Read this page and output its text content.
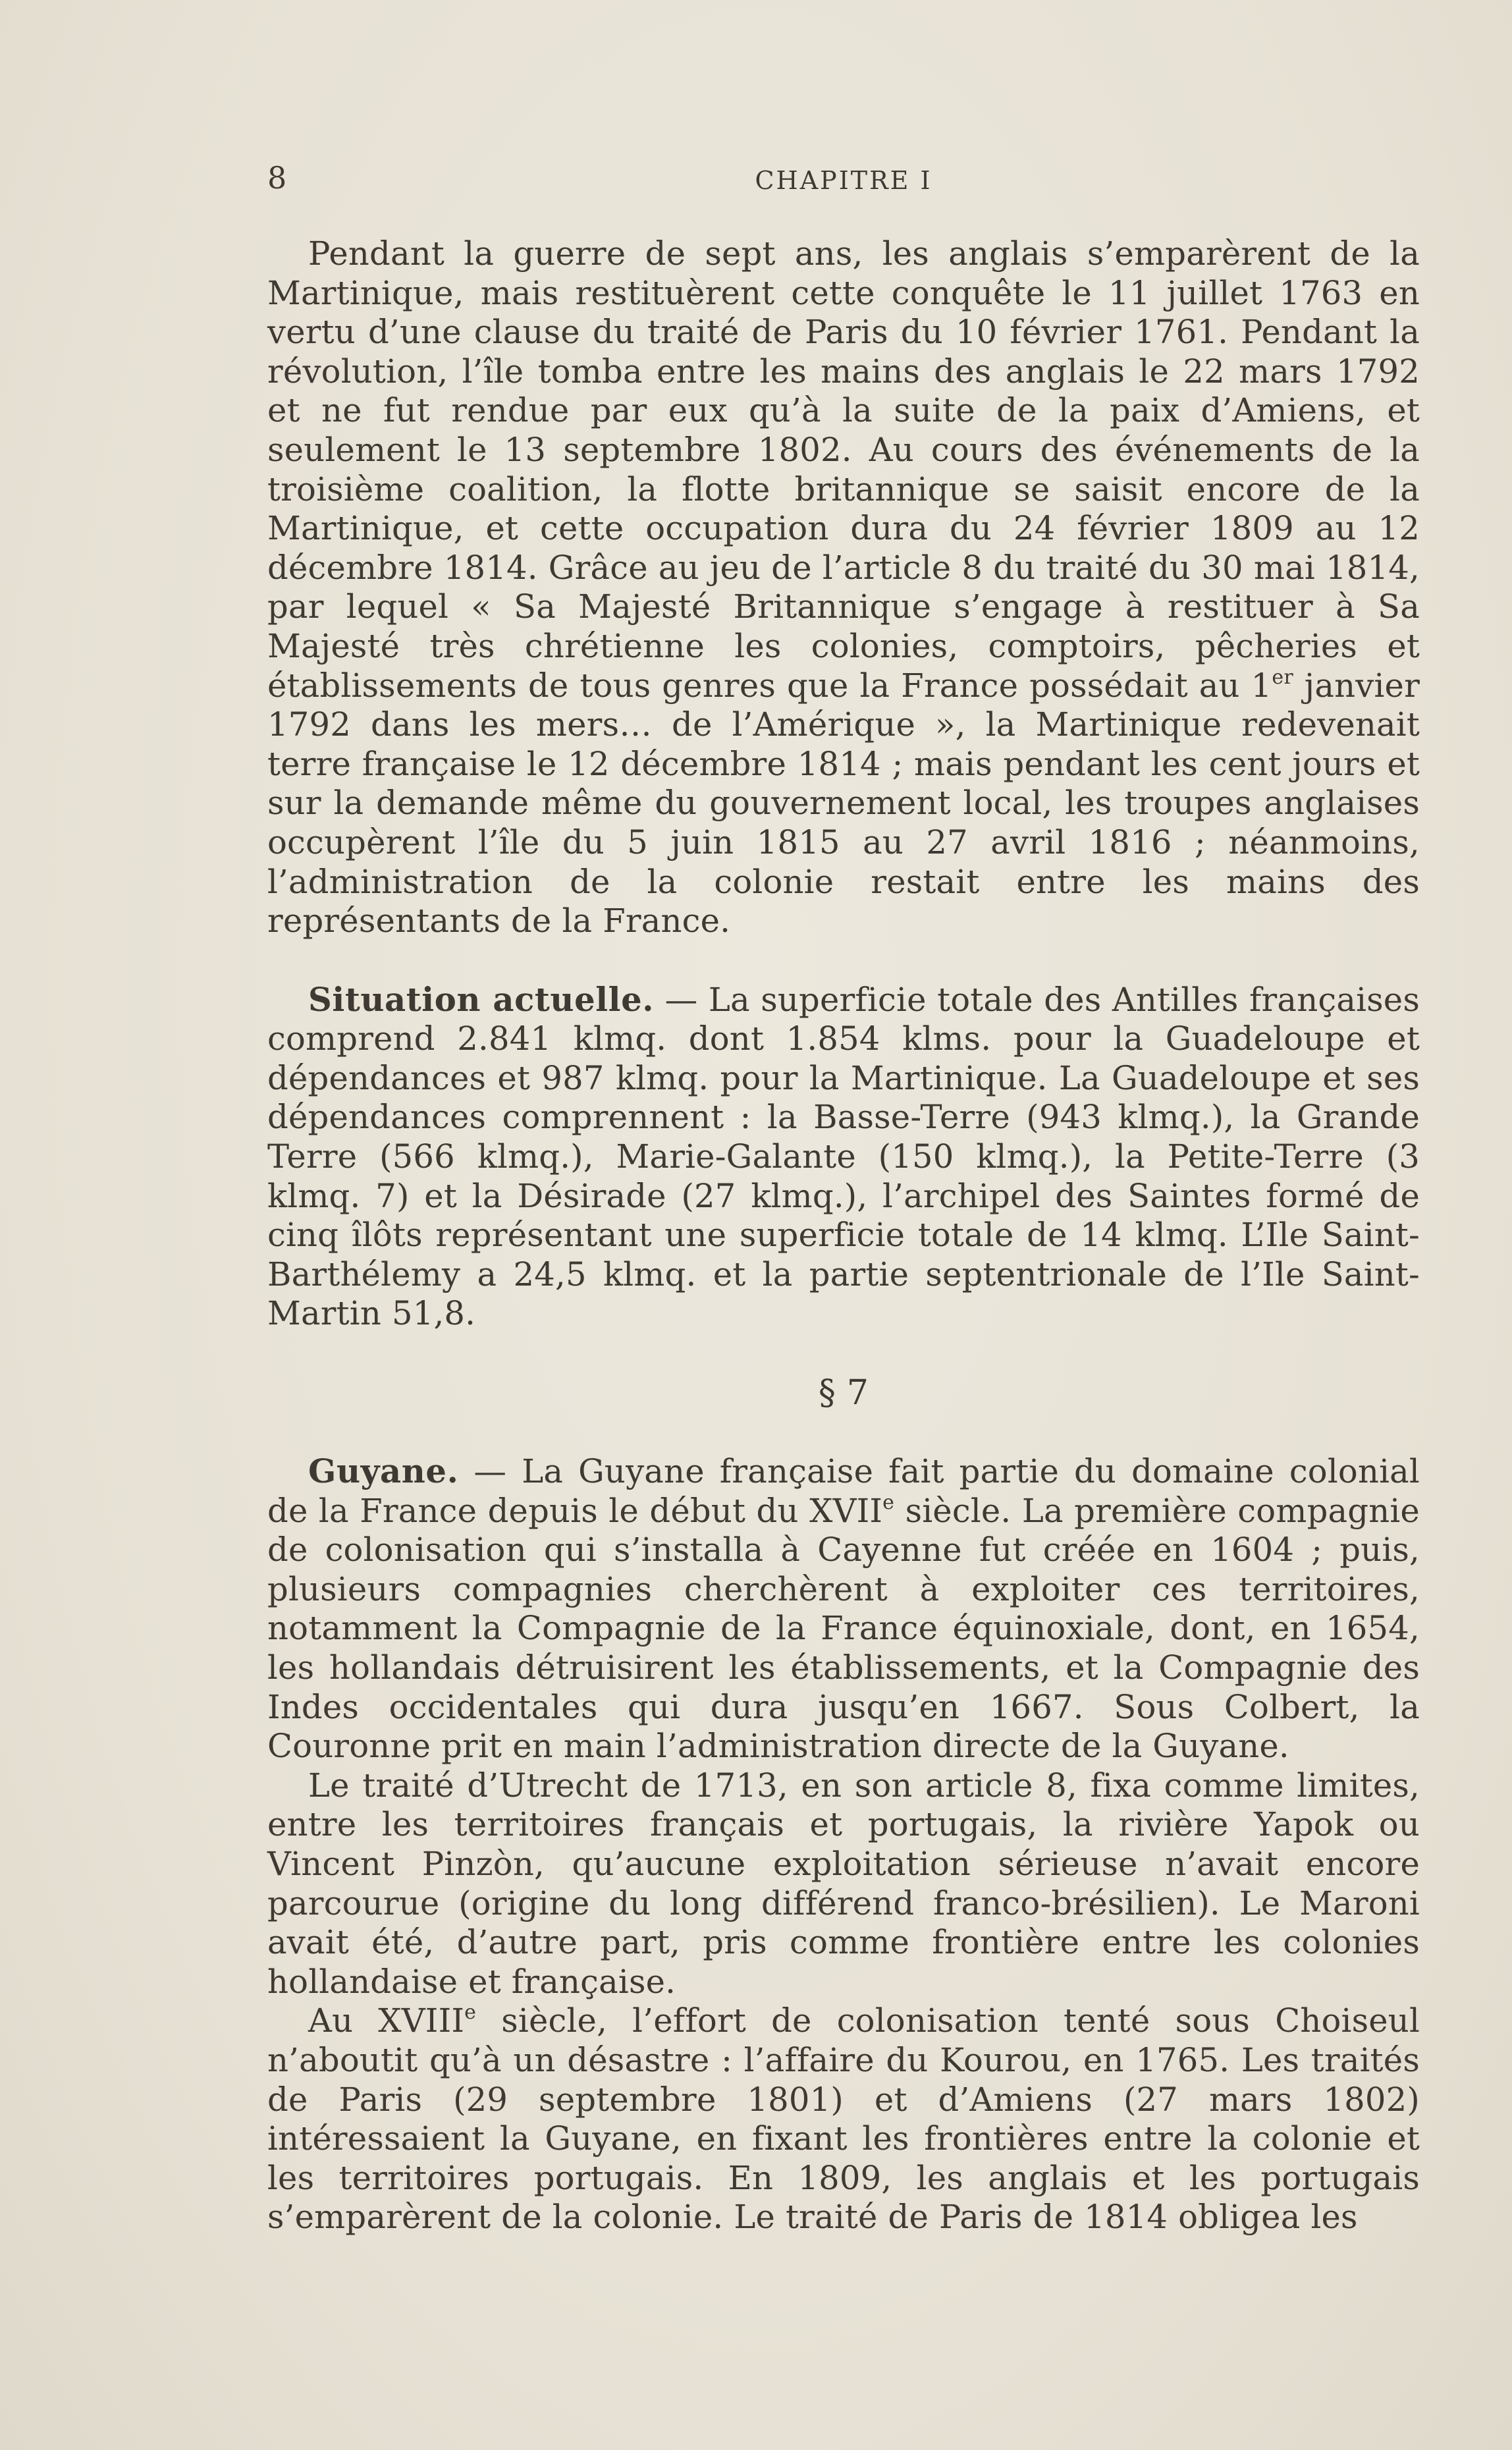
8	CHAPITRE I

Pendant la guerre de sept ans, les anglais s’emparèrent de la Martinique, mais restituèrent cette conquête le 11 juillet 1763 en vertu d’une clause du traité de Paris du 10 février 1761. Pendant la révolution, l’île tomba entre les mains des anglais le 22 mars 1792 et ne fut rendue par eux qu’à la suite de la paix d’Amiens, et seulement le 13 septembre 1802. Au cours des événements de la troisième coalition, la flotte britannique se saisit encore de la Martinique, et cette occupation dura du 24 février 1809 au 12 décembre 1814. Grâce au jeu de l’article 8 du traité du 30 mai 1814, par lequel « Sa Majesté Britannique s’engage à restituer à Sa Majesté très chrétienne les colonies, comptoirs, pêcheries et établissements de tous genres que la France possédait au 1er janvier 1792 dans les mers… de l’Amérique », la Martinique redevenait terre française le 12 décembre 1814 ; mais pendant les cent jours et sur la demande même du gouvernement local, les troupes anglaises occupèrent l’île du 5 juin 1815 au 27 avril 1816 ; néanmoins, l’administration de la colonie restait entre les mains des représentants de la France.

Situation actuelle. — La superficie totale des Antilles françaises comprend 2.841 klmq. dont 1.854 klms. pour la Guadeloupe et dépendances et 987 klmq. pour la Martinique. La Guadeloupe et ses dépendances comprennent : la Basse-Terre (943 klmq.), la Grande Terre (566 klmq.), Marie-Galante (150 klmq.), la Petite-Terre (3 klmq. 7) et la Désirade (27 klmq.), l’archipel des Saintes formé de cinq îlôts représentant une superficie totale de 14 klmq. L’Ile Saint-Barthélemy a 24,5 klmq. et la partie septentrionale de l’Ile Saint-Martin 51,8.

§ 7

Guyane. — La Guyane française fait partie du domaine colonial de la France depuis le début du XVIIe siècle. La première compagnie de colonisation qui s’installa à Cayenne fut créée en 1604 ; puis, plusieurs compagnies cherchèrent à exploiter ces territoires, notamment la Compagnie de la France équinoxiale, dont, en 1654, les hollandais détruisirent les établissements, et la Compagnie des Indes occidentales qui dura jusqu’en 1667. Sous Colbert, la Couronne prit en main l’administration directe de la Guyane.

Le traité d’Utrecht de 1713, en son article 8, fixa comme limites, entre les territoires français et portugais, la rivière Yapok ou Vincent Pinzòn, qu’aucune exploitation sérieuse n’avait encore parcourue (origine du long différend franco-brésilien). Le Maroni avait été, d’autre part, pris comme frontière entre les colonies hollandaise et française.

Au XVIIIe siècle, l’effort de colonisation tenté sous Choiseul n’aboutit qu’à un désastre : l’affaire du Kourou, en 1765. Les traités de Paris (29 septembre 1801) et d’Amiens (27 mars 1802) intéressaient la Guyane, en fixant les frontières entre la colonie et les territoires portugais. En 1809, les anglais et les portugais s’emparèrent de la colonie. Le traité de Paris de 1814 obligea les
